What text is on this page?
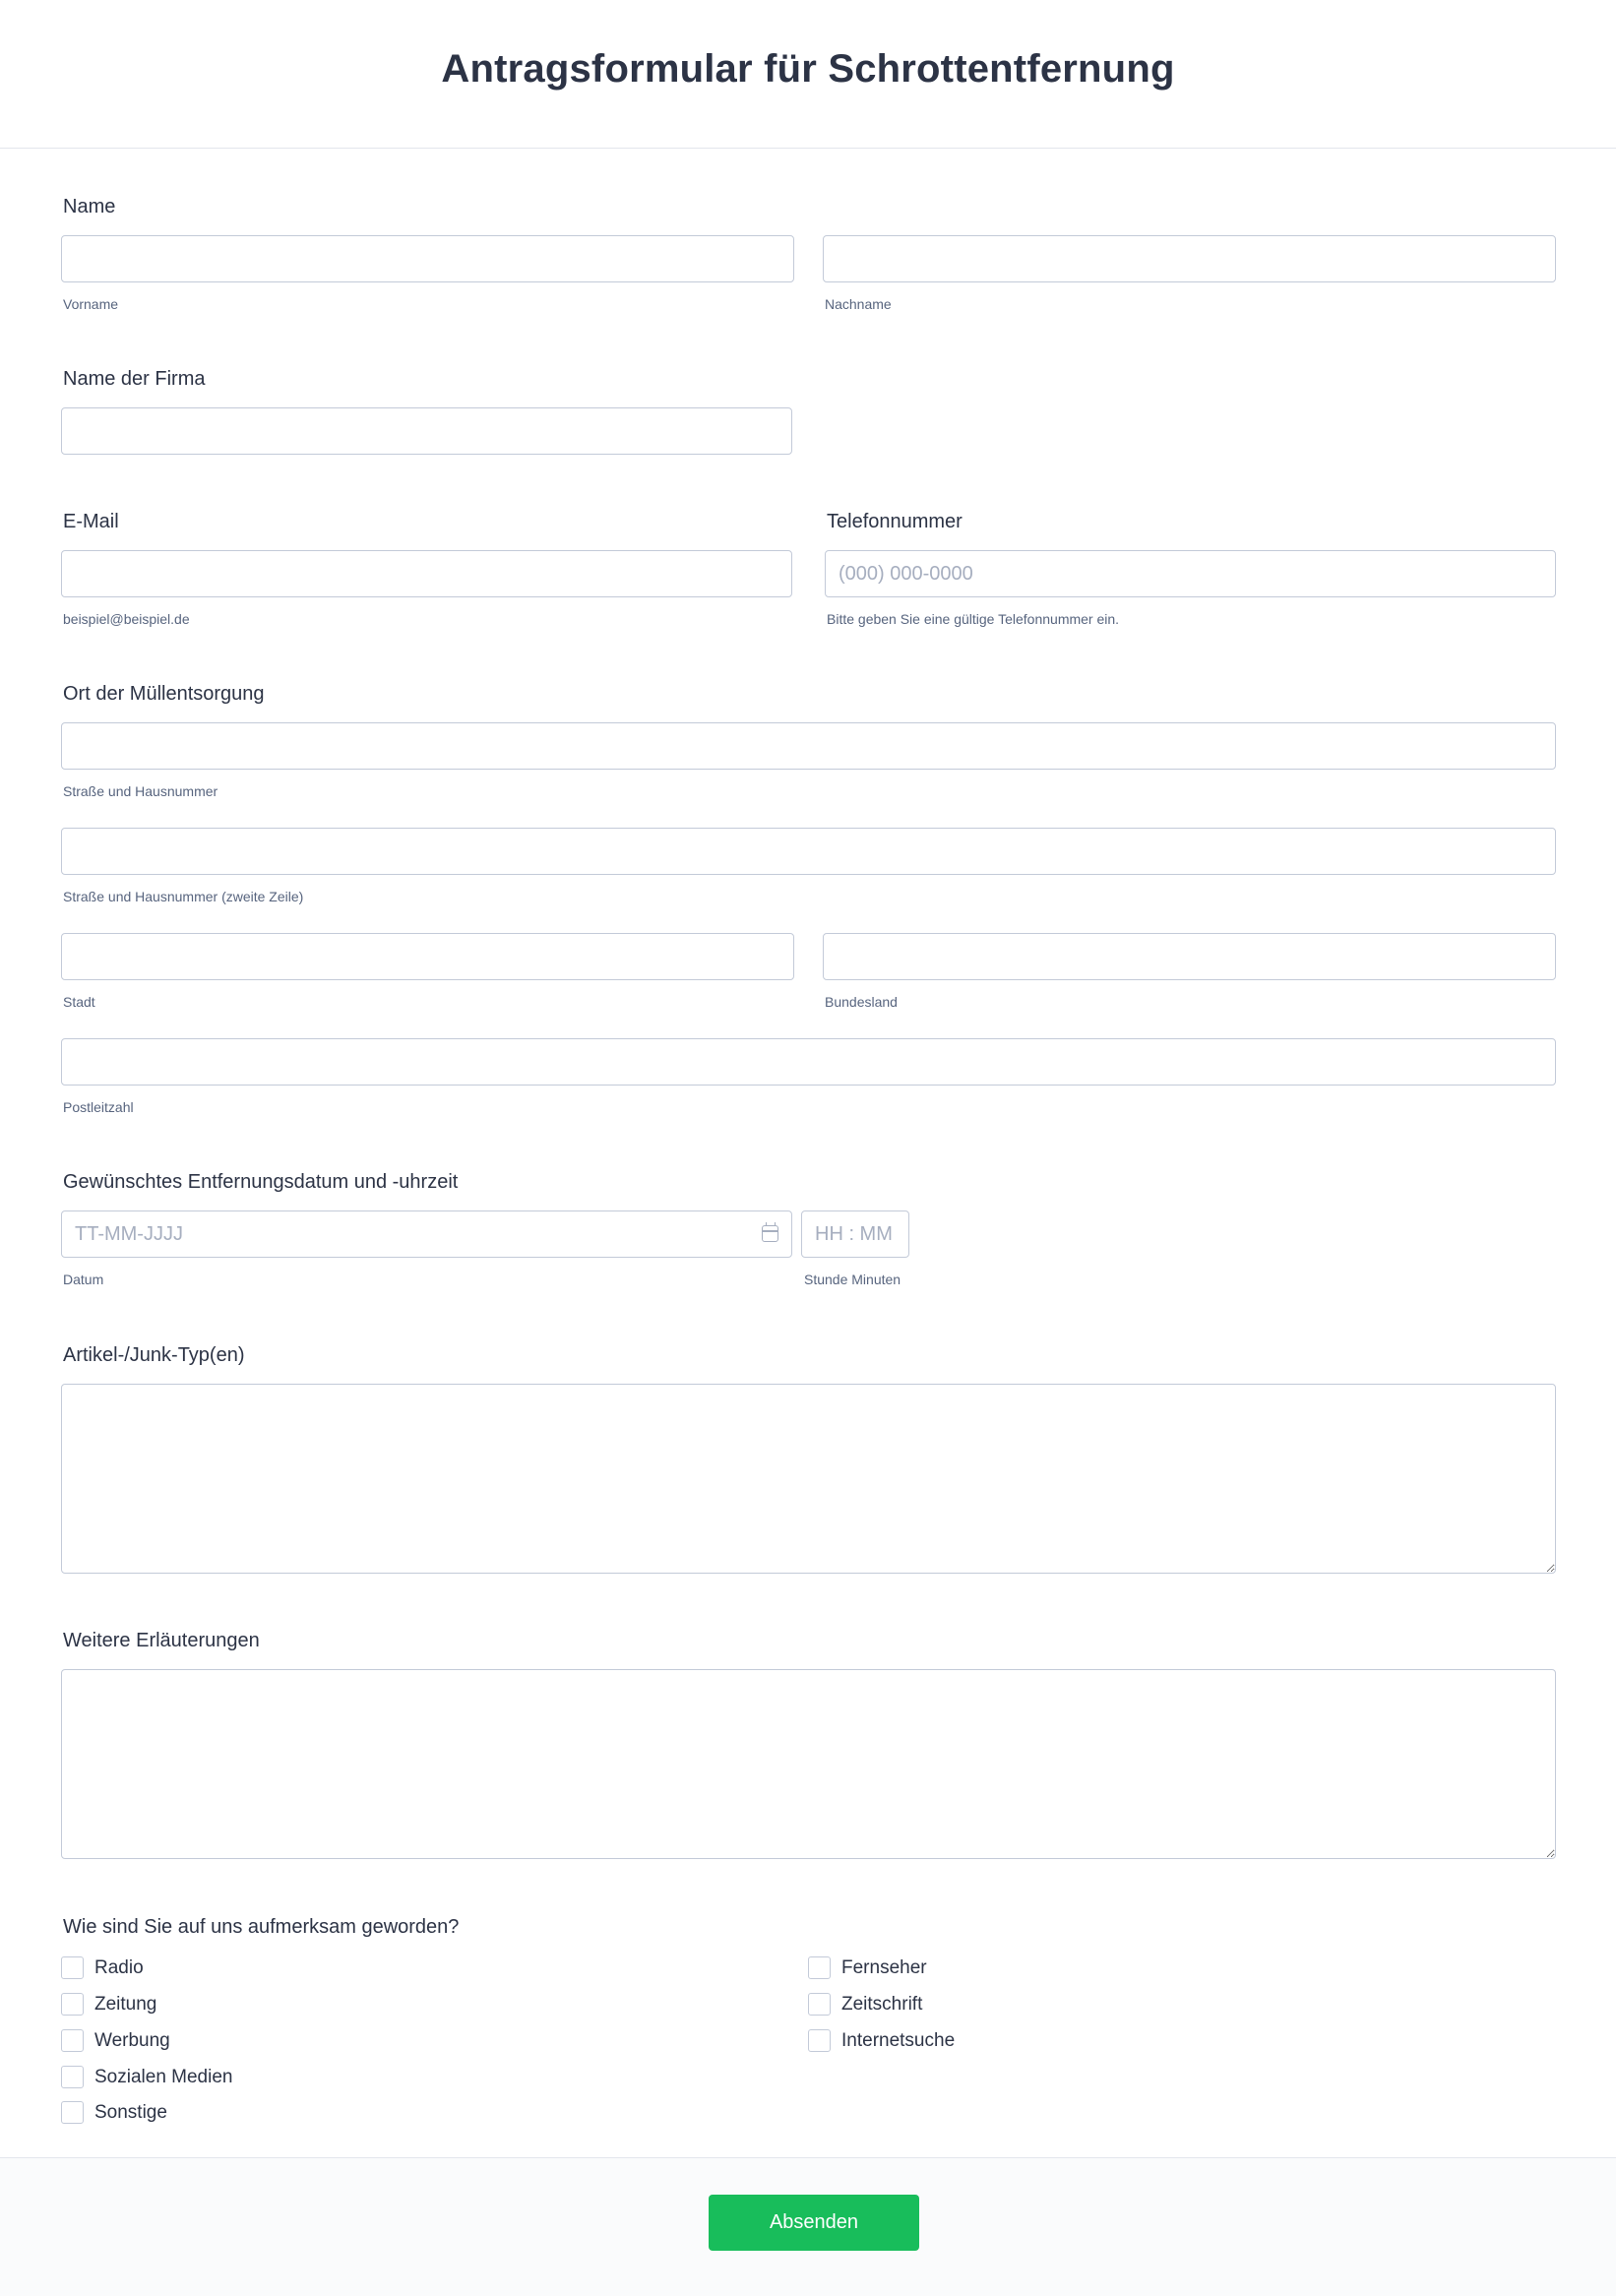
Antragsformular für Schrottentfernung
Name
Vorname	Nachname
Name der Firma
E-Mail	Telefonnummer
(000) 000-0000
beispiel@beispiel.de	Bitte geben Sie eine gültige Telefonnummer ein.
Ort der Müllentsorgung
Straße und Hausnummer
Straße und Hausnummer (zweite Zeile)
Stadt	Bundesland
Postleitzahl
Gewünschtes Entfernungsdatum und -uhrzeit
TT-MM-JJJJ
HH : MM
Datum	Stunde Minuten
Artikel-/Junk-Typ(en)
Weitere Erläuterungen
Wie sind Sie auf uns aufmerksam geworden?
Radio
Zeitung
Werbung
Sozialen Medien
Sonstige
Fernseher
Zeitschrift
Internetsuche
Absenden
